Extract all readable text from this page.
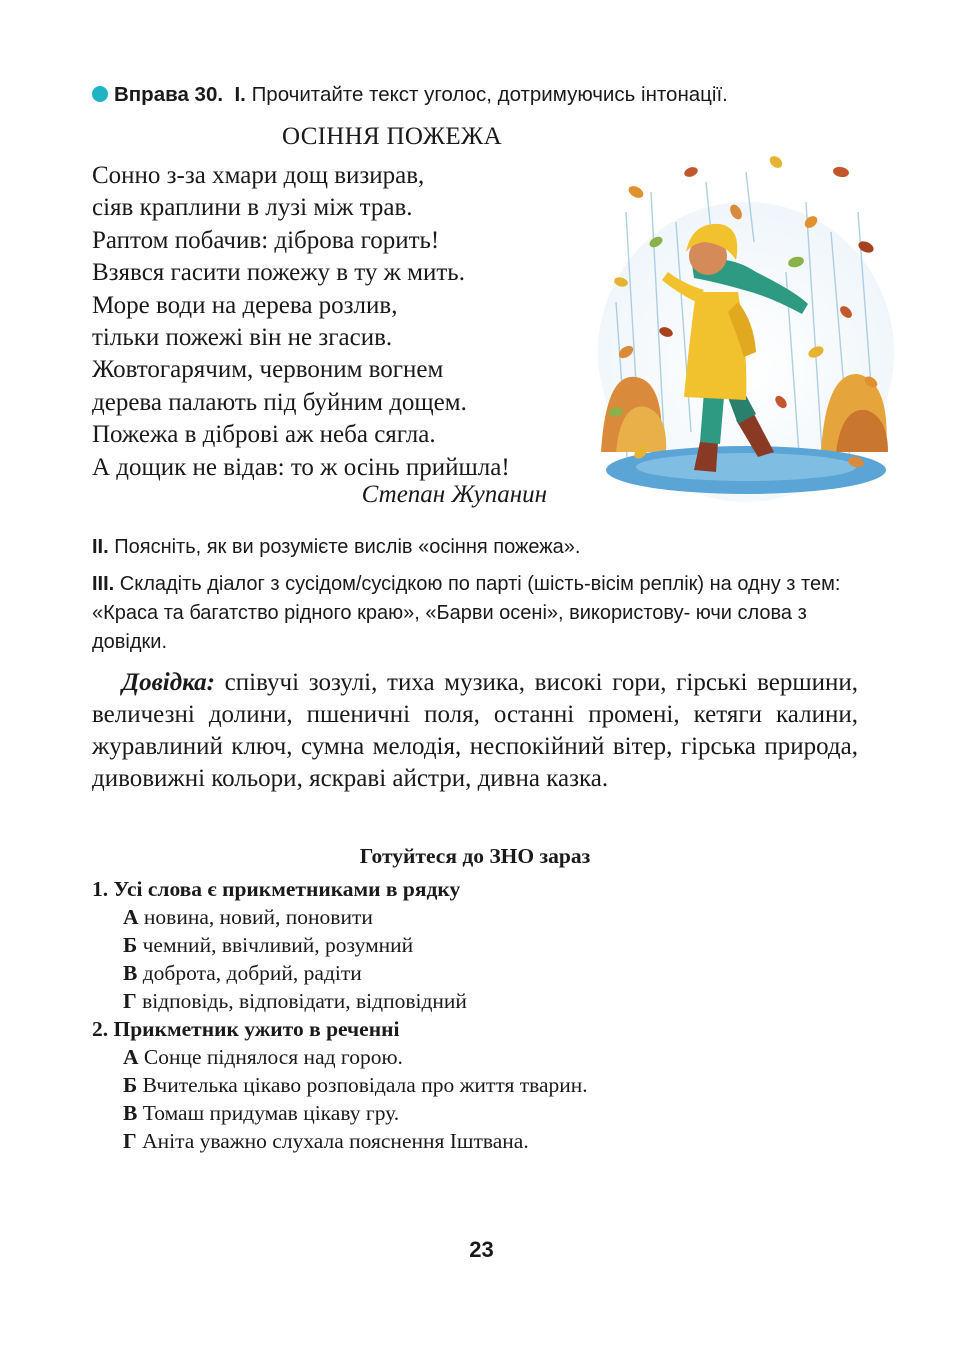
Вправа 30. I. Прочитайте текст уголос, дотримуючись інтонації.
ОСІННЯ ПОЖЕЖА
Сонно з-за хмари дощ визирав,
сіяв краплини в лузі між трав.
Раптом побачив: діброва горить!
Взявся гасити пожежу в ту ж мить.
Море води на дерева розлив,
тільки пожежі він не згасив.
Жовтогарячим, червоним вогнем
дерева палають під буйним дощем.
Пожежа в діброві аж неба сягла.
А дощик не відав: то ж осінь прийшла!
Степан Жупанин
II. Поясніть, як ви розумієте вислів «осіння пожежа».
III. Складіть діалог з сусідом/сусідкою по парті (шість-вісім реплік) на одну з тем: «Краса та багатство рідного краю», «Барви осені», використову- ючи слова з довідки.
Довідка: співучі зозулі, тиха музика, високі гори, гірські вершини, величезні долини, пшеничні поля, останні промені, кетяги калини, журавлиний ключ, сумна мелодія, неспокійний вітер, гірська природа, дивовижні кольори, яскраві айстри, дивна казка.
Готуйтеся до ЗНО зараз
1. Усі слова є прикметниками в рядку
А новина, новий, поновити
Б чемний, ввічливий, розумний
В доброта, добрий, радіти
Г відповідь, відповідати, відповідний
2. Прикметник ужито в реченні
А Сонце піднялося над горою.
Б Вчителька цікаво розповідала про життя тварин.
В Томаш придумав цікаву гру.
Г Аніта уважно слухала пояснення Іштвана.
23
